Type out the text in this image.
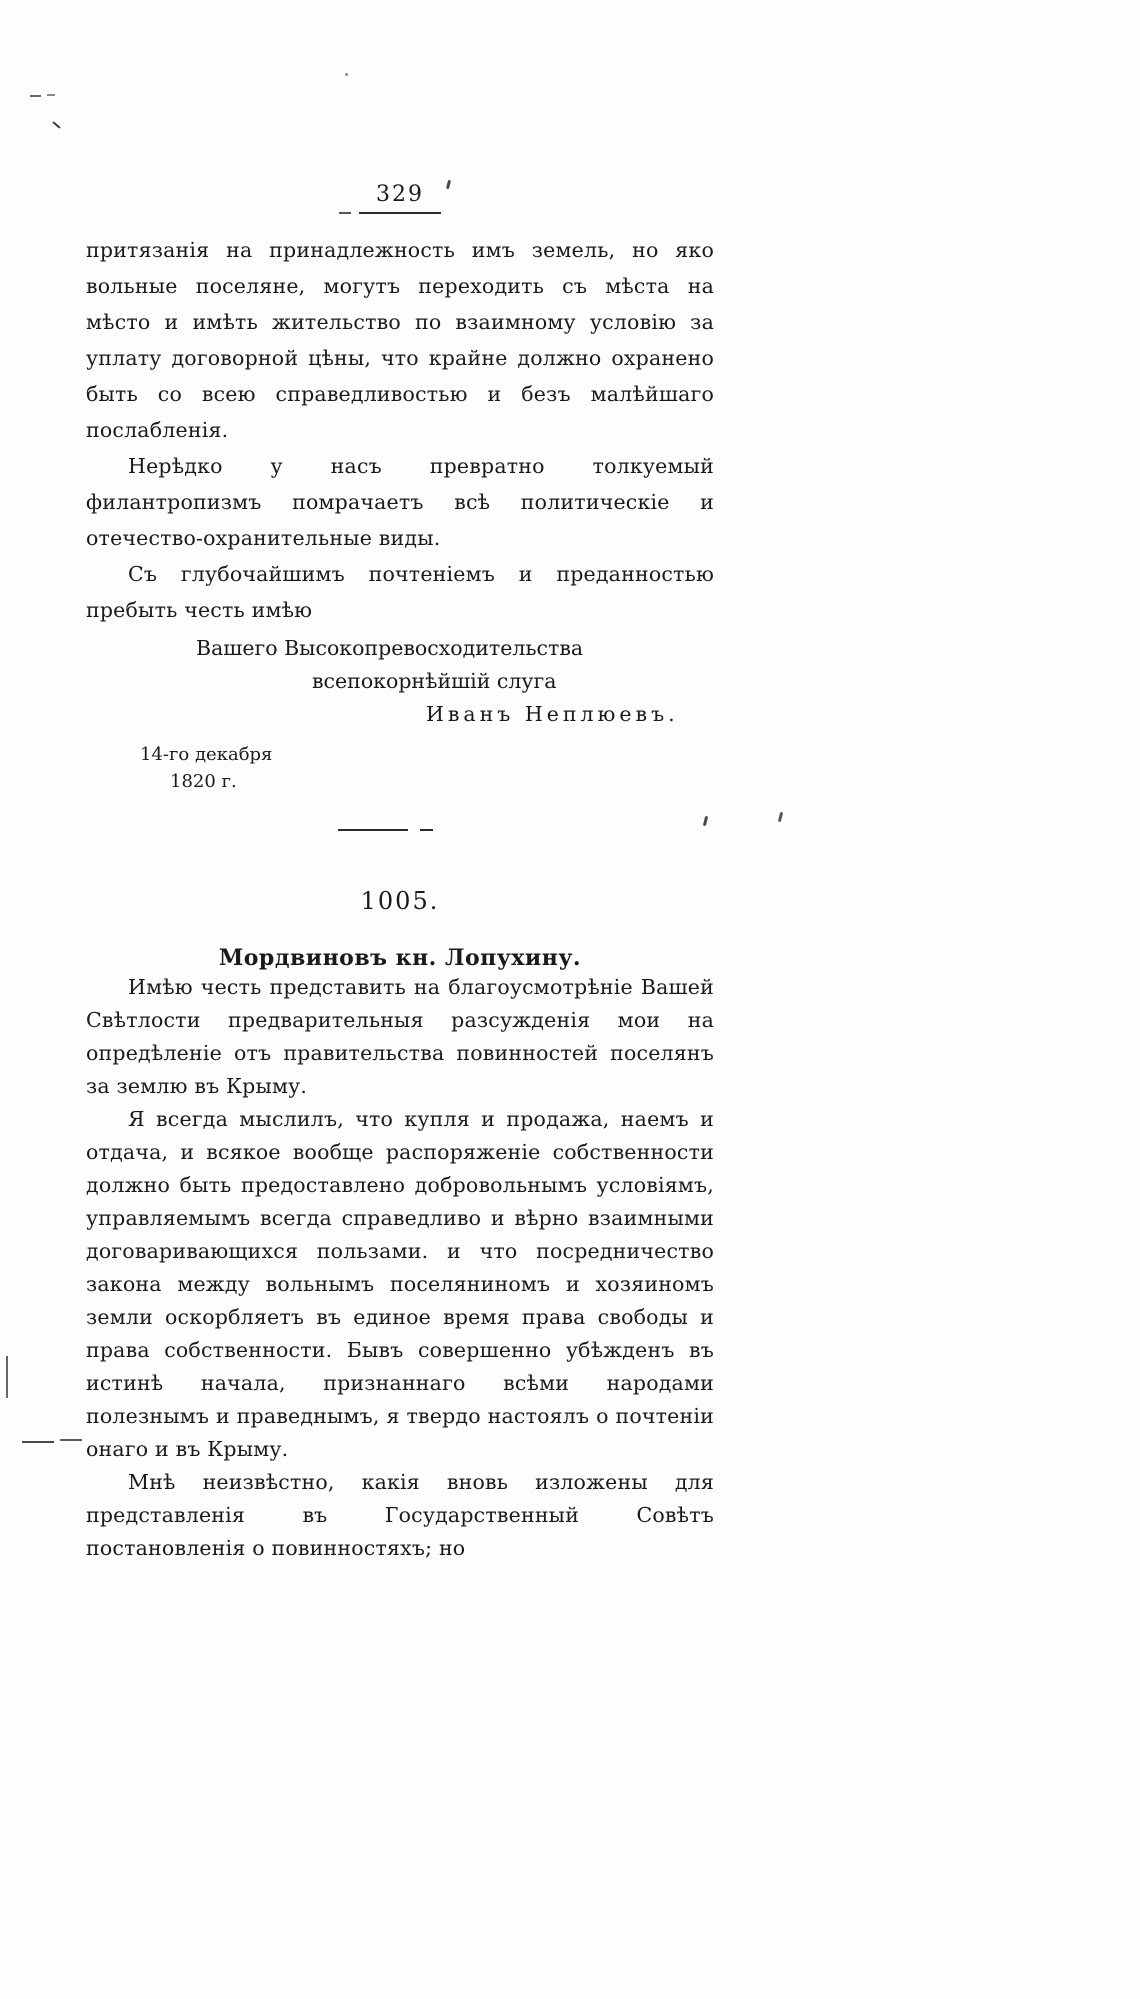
329

притязанія на принадлежность имъ земель, но яко вольные поселяне, могутъ переходить съ мѣста на мѣсто и имѣть жительство по взаимному условію за уплату договорной цѣны, что крайне должно охранено быть со всею справедливостью и безъ малѣйшаго послабленія.

Нерѣдко у насъ превратно толкуемый филантропизмъ помрачаетъ всѣ политическіе и отечество-охранительные виды.

Съ глубочайшимъ почтеніемъ и преданностью пребыть честь имѣю

Вашего Высокопревосходительства
всепокорнѣйшій слуга
Иванъ Неплюевъ.
14-го декабря
1820 г.
1005.
Мордвиновъ кн. Лопухину.

Имѣю честь представить на благоусмотрѣніе Вашей Свѣтлости предварительныя разсужденія мои на опредѣленіе отъ правительства повинностей поселянъ за землю въ Крыму.

Я всегда мыслилъ, что купля и продажа, наемъ и отдача, и всякое вообще распоряженіе собственности должно быть предоставлено добровольнымъ условіямъ, управляемымъ всегда справедливо и вѣрно взаимными договаривающихся пользами. и что посредничество закона между вольнымъ поселяниномъ и хозяиномъ земли оскорбляетъ въ единое время права свободы и права собственности. Бывъ совершенно убѣжденъ въ истинѣ начала, признаннаго всѣми народами полезнымъ и праведнымъ, я твердо настоялъ о почтеніи онаго и въ Крыму.

Мнѣ неизвѣстно, какія вновь изложены для представленія въ Государственный Совѣтъ постановленія о повинностяхъ; но
